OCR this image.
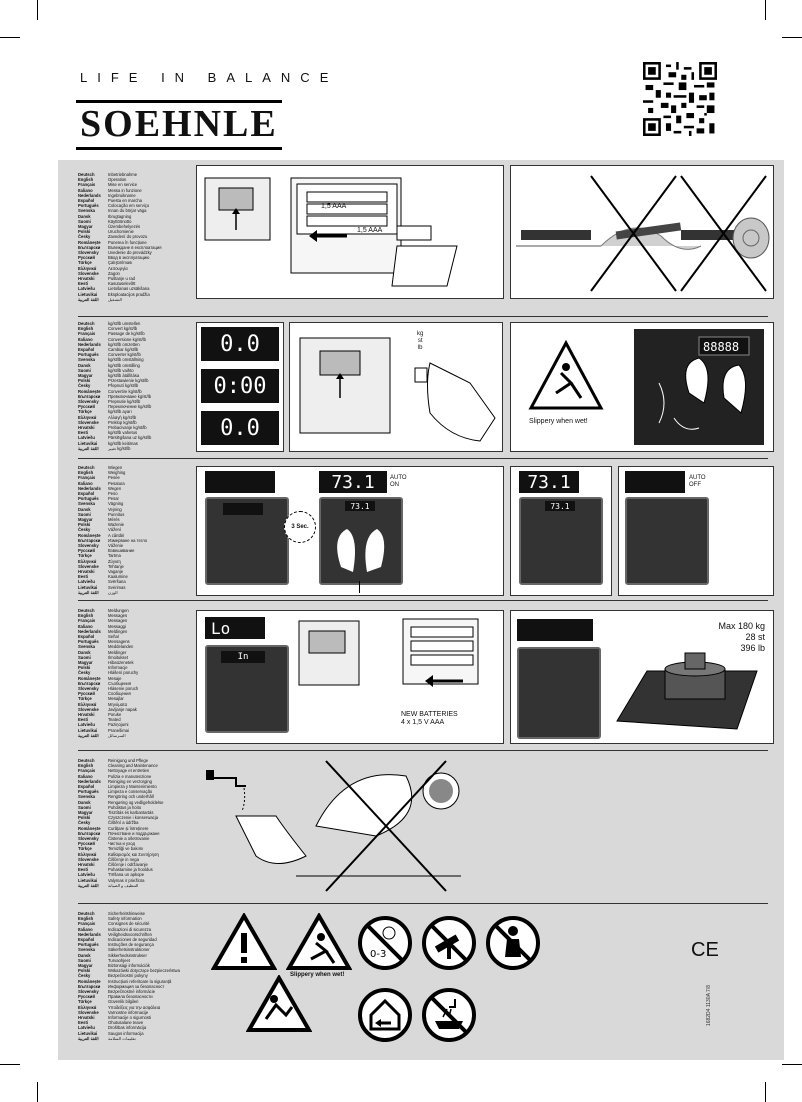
LIFE IN BALANCE
SOEHNLE
Deutsch	Inbetriebnahme
English	Operation
Français	Mise en service
Italiano	Messa in funzione
Nederlands	Ingebruikname
Español	Puesta en marcha
Português	Colocação em serviço
Svenska	Innan du börjar väga
Dansk	Ibrugtagning
Suomi	Käyttöönotto
Magyar	Üzembehelyezés
Polski	Uruchomienie
Česky	Zavedení do provozu
Românește	Punerea în funcțiune
Български	Въвеждане в експлоатация
Slovensky	Uvedenie do prevádzky
Русский	Ввод в эксплуатацию
Türkçe	Çalıştırılması
Ελληνικά	Λειτουργία
Slovenske	Zagon
Hrvatski	Puštanje u rad
Eesti	Kasutuselevõtt
Latviešu	Lietošanas uzsākšana
Lietuvikai	Eksploatacijos pradžia
اللغة العربية	التشغيل
Deutsch	kg/st/lb umstellen
English	Convert kg/st/lb
Français	Passage de kg/st/lb
Italiano	Conversione kg/st/lb
Nederlands	kg/st/lb omzetten
Español	Cambiar kg/st/lb
Português	Converter kg/st/lb
Svenska	kg/st/lb omställning
Dansk	kg/st/lb omstilling
Suomi	kg/st/lb vaihto
Magyar	kg/st/lb átállítása
Polski	Przestawienie kg/st/lb
Česky	Přepnutí kg/st/lb
Românește	Convertire kg/st/lb
Български	Превключване kg/st/lb
Slovensky	Prepnutie kg/st/lb
Русский	Переключение kg/st/lb
Türkçe	kg/st/lb ayarı
Ελληνικά	Αλλαγή kg/st/lb
Slovenske	Preklop kg/st/lb
Hrvatski	Prebacivanje kg/st/lb
Eesti	kg/st/lb vahetus
Latviešu	Pārslēgšana uz kg/st/lb
Lietuvikai	kg/st/lb keitimas
اللغة العربية	تغيير kg/st/lb
Deutsch	Wiegen
English	Weighing
Français	Pesée
Italiano	Pesatura
Nederlands	Wegen
Español	Peso
Português	Pesar
Svenska	Vägning
Dansk	Vejning
Suomi	Punnitus
Magyar	Mérés
Polski	Ważenie
Česky	Vážení
Românește	A cântări
Български	Измерване на тегло
Slovensky	Váženie
Русский	Взвешивание
Türkçe	Tartma
Ελληνικά	Ζύγιση
Slovenske	Tehtanje
Hrvatski	Vaganje
Eesti	Kaalumine
Latviešu	Svēršana
Lietuvikai	Svėrimas
اللغة العربية	الوزن
Deutsch	Meldungen
English	Messages
Français	Messages
Italiano	Messaggi
Nederlands	Meldingen
Español	Señal
Português	Mensagens
Svenska	Meddelanden
Dansk	Meldinger
Suomi	Ilmoitukset
Magyar	Hibaüzenetek
Polski	Informacje
Česky	Hlášení poruchy
Românește	Mesaje
Български	Съобщения
Slovensky	Hlásenie poruch
Русский	Сообщения
Türkçe	Mesajlar
Ελληνικά	Μηνύματα
Slovenske	Javljanje napak
Hrvatski	Poruke
Eesti	Teated
Latviešu	Paziņojumi
Lietuvikai	Pranešimai
اللغة العربية	السرسائل
Deutsch	Reinigung und Pflege
English	Cleaning and Maintenance
Français	Nettoyage et entretien
Italiano	Pulizia e manutenzione
Nederlands	Reiniging en verzorging
Español	Limpieza y Mantenimiento
Português	Limpeza e conservação
Svenska	Rengöring och underhåll
Dansk	Rengøring og vedligeholdelse
Suomi	Puhdistus ja hoito
Magyar	Tisztítás és karbantartás
Polski	Czyszczenie i konserwacja
Česky	Čištění a údržba
Românește	Curățare și întreținere
Български	Почистване и поддържане
Slovensky	Čistenie a ošetrovanie
Русский	Чистка и уход
Türkçe	Temizliği ve bakımı
Ελληνικά	Καθαρισμός και Συντήρηση
Slovenske	Čiščenje in nega
Hrvatski	Čišćenje i održavanje
Eesti	Puhastamine ja hooldus
Latviešu	Tīrīšana un apkope
Lietuvikai	Valymas ir priežiūra
اللغة العربية	التنظيف و الصيانة
Deutsch	Sicherheitshinweise
English	Safety information
Français	Consignes de sécurité
Italiano	Indicazioni di sicurezza
Nederlands	Veiligheidsvoorschriften
Español	Indicaciones de seguridad
Português	Instruções de segurança
Svenska	Säkerhetsinstruktioner
Dansk	Sikkerhedsinstrukser
Suomi	Turvaohjeet
Magyar	Biztonsági információk
Polski	Wskazówki dotyczące bezpieczeństwa
Česky	Bezpečnostní pokyny
Românește	Instrucțiuni referitoare la siguranță
Български	Информация за безопасност
Slovensky	Bezpečnostné informácie
Русский	Правила безопасности
Türkçe	Güvenlik bilgileri
Ελληνικά	Υποδείξεις για την ασφάλεια
Slovenske	Varnostne informacije
Hrvatski	Informacije o sigurnosti
Eesti	Ohutusalane teave
Latviešu	Drošības informācija
Lietuvikai	Saugos informacija
اللغة العربية	تعليمات السلامة
1,5 AAA
1,5 AAA
0.0
0:00
0.0
kg
st
lb
Slippery when wet!
88888
3 Sec.
73.1	AUTO
ON
73.1
73.1
73.1
AUTO
OFF
Lo
In
NEW BATTERIES
4 x 1,5 V AAA
Max 180 kg
28 st
396 lb
Slippery when wet!
0-3	CE
1682D4 1130A 7/8
